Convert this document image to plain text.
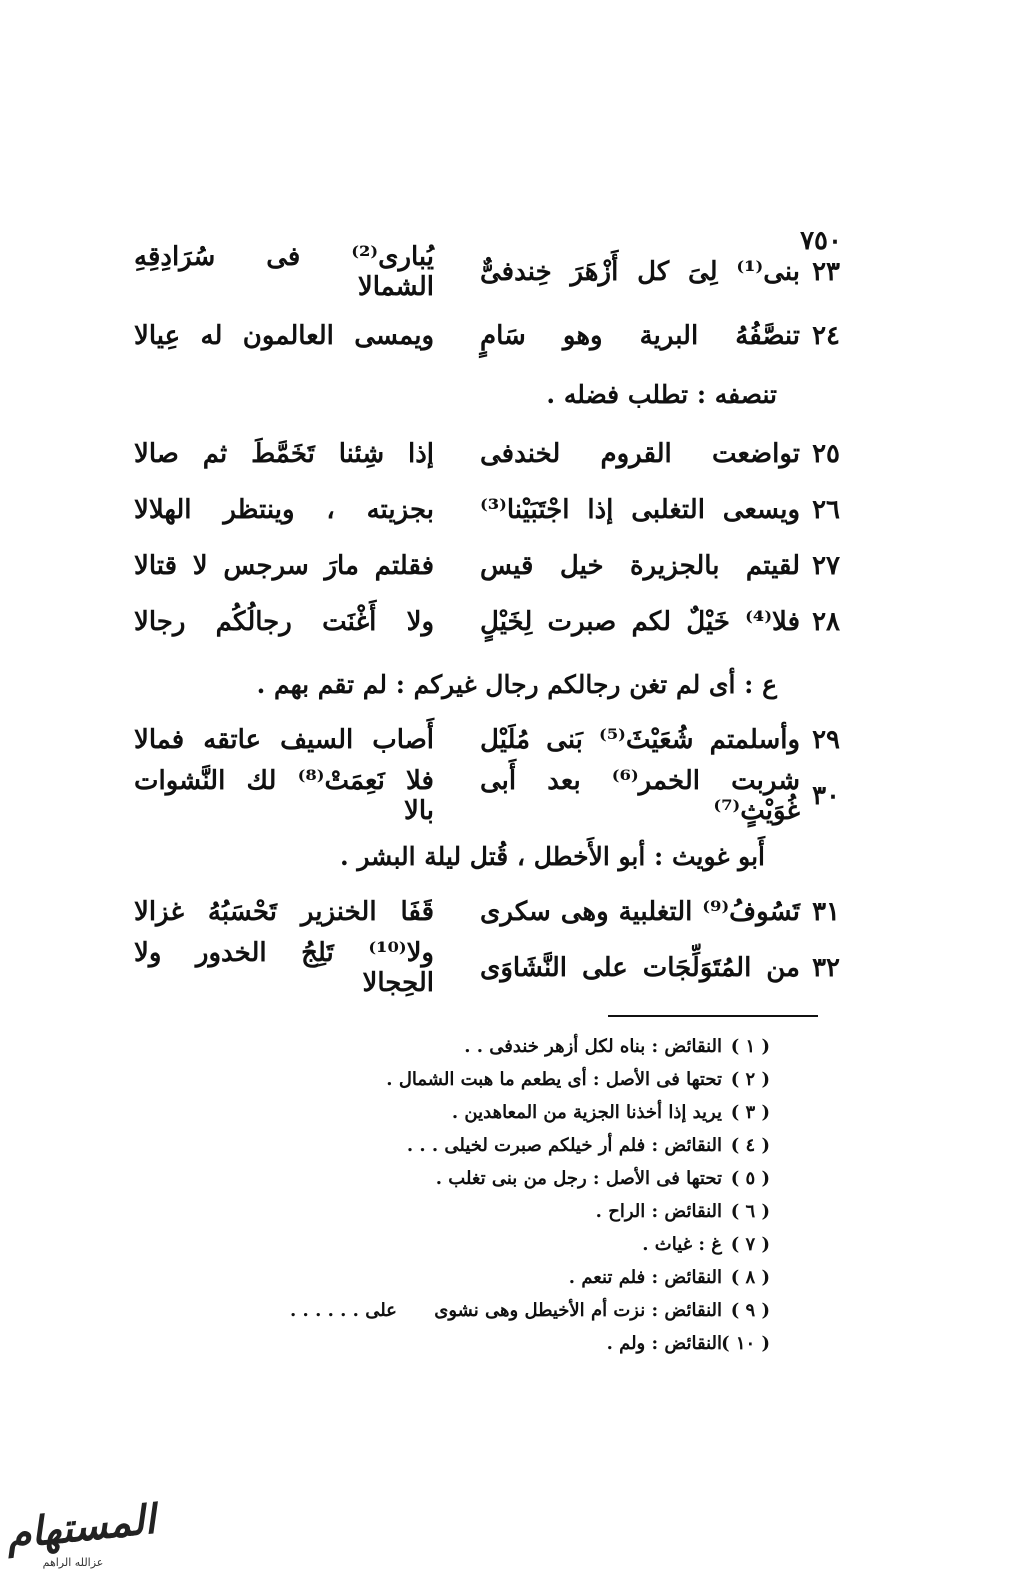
٧٥٠
٢٣
بنى⁽¹⁾ لِىَ كل أَزْهَرَ خِندفىٌّ
يُبارى⁽²⁾ فى سُرَادِقِهِ الشمالا
٢٤
تنصَّفُهُ البرية وهو سَامٍ
ويمسى العالمون له عِيالا
تنصفه : تطلب فضله .
٢٥
تواضعت القروم لخندفى
إذا شِئنا تَخَمَّطَ ثم صالا
٢٦
ويسعى التغلبى إذا اجْتَبَيْنا⁽³⁾
بجزيته ، وينتظر الهلالا
٢٧
لقيتم بالجزيرة خيل قيس
فقلتم مارَ سرجس لا قتالا
٢٨
فلا⁽⁴⁾ خَيْلٌ لكم صبرت لِخَيْلٍ
ولا أَغْنَت رجالُكُم رجالا
ع : أى لم تغن رجالكم رجال غيركم : لم تقم بهم .
٢٩
وأسلمتم شُعَيْثَ⁽⁵⁾ بَنى مُلَيْل
أَصاب السيف عاتقه فمالا
٣٠
شربت الخمر⁽⁶⁾ بعد أَبى غُوَيْثٍ⁽⁷⁾
فلا نَعِمَتْ⁽⁸⁾ لك النَّشوات بالا
أَبو غويث : أبو الأَخطل ، قُتل ليلة البشر .
٣١
تَسُوفُ⁽⁹⁾ التغلبية وهى سكرى
قَفَا الخنزير تَحْسَبُهُ غزالا
٣٢
من المُتَوَلِّجَات على النَّشَاوَى
ولا⁽¹⁰⁾ تَلِجُ الخدور ولا الحِجالا
( ١ )
النقائض : بناه لكل أزهر خندفى . .
( ٢ )
تحتها فى الأصل : أى يطعم ما هبت الشمال .
( ٣ )
يريد إذا أخذنا الجزية من المعاهدين .
( ٤ )
النقائض : فلم أر خيلكم صبرت لخيلى . . .
( ٥ )
تحتها فى الأصل : رجل من بنى تغلب .
( ٦ )
النقائض : الراح .
( ٧ )
غ : غياث .
( ٨ )
النقائض : فلم تنعم .
( ٩ )
النقائض : نزت أم الأخيطل وهى نشوى
على . . . . . .
( ١٠ )
النقائض : ولم .
المستهام
عزالله الراهم
